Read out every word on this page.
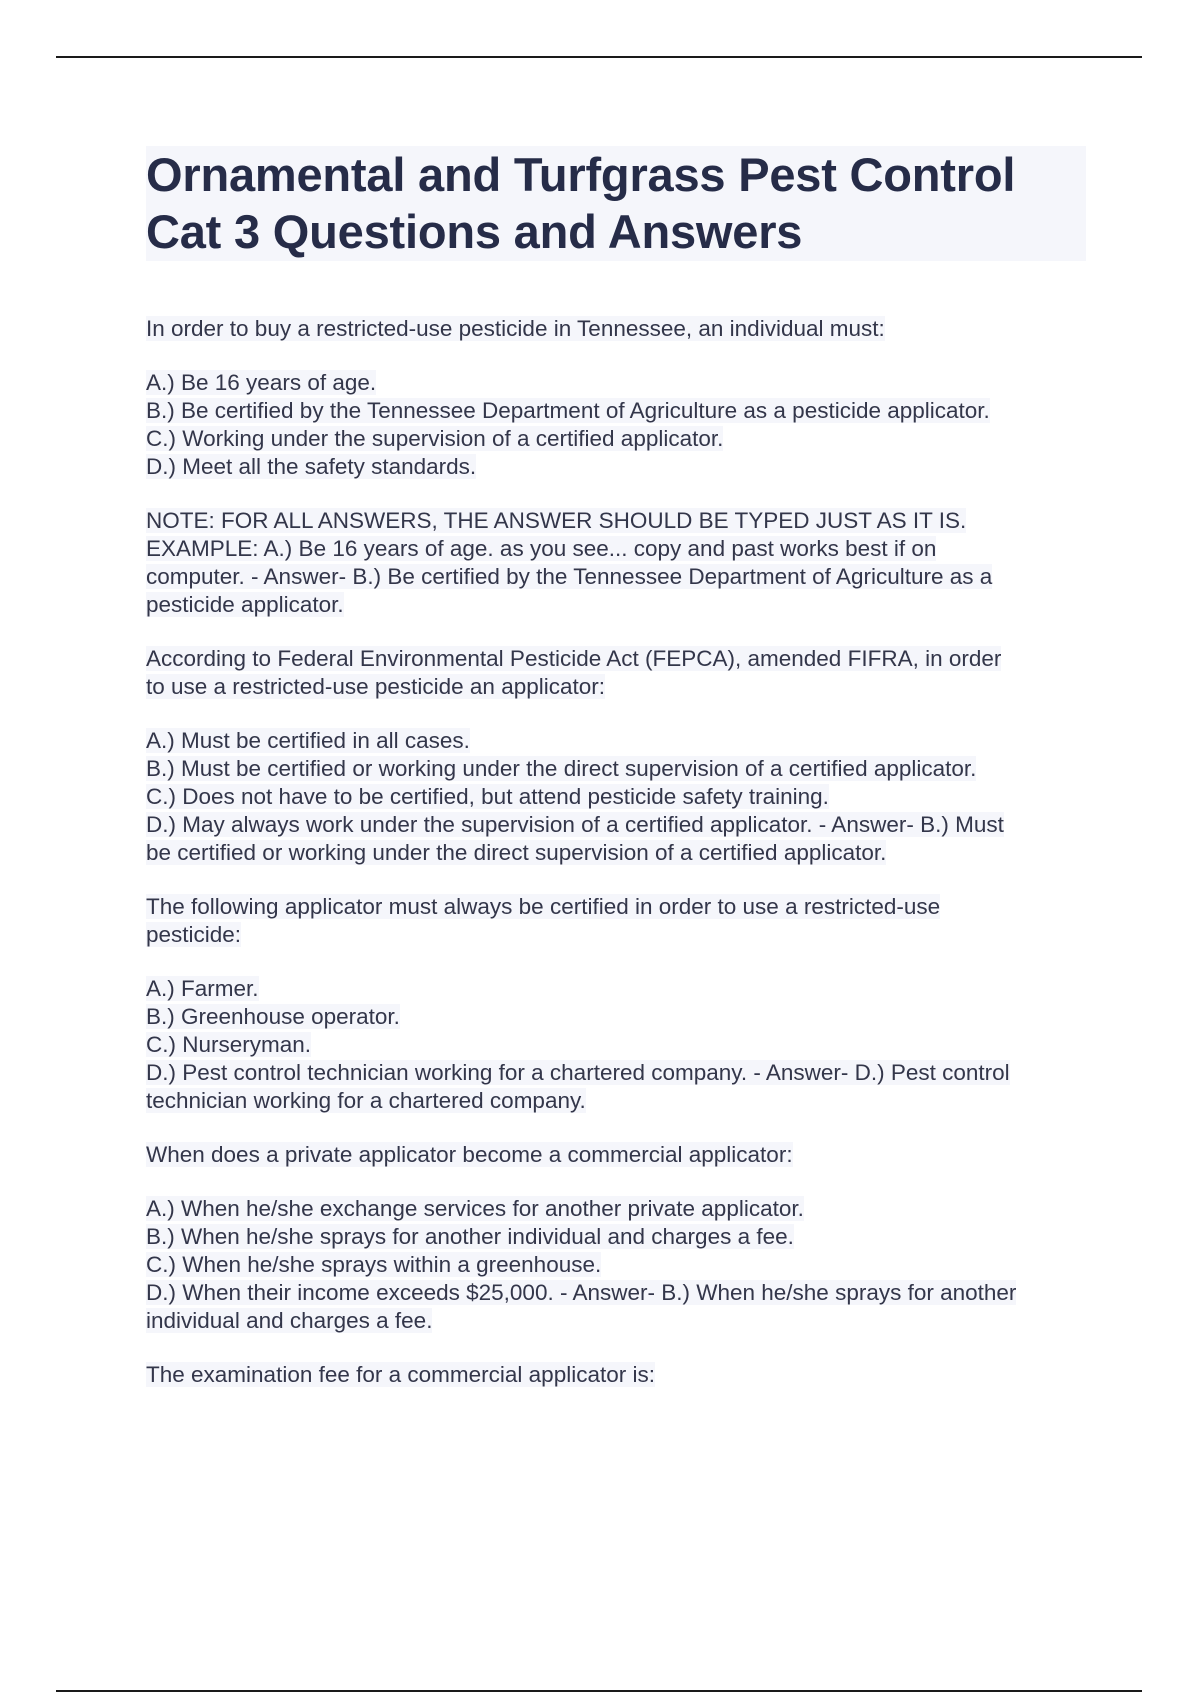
Ornamental and Turfgrass Pest Control
Cat 3 Questions and Answers
In order to buy a restricted-use pesticide in Tennessee, an individual must:
A.) Be 16 years of age.
B.) Be certified by the Tennessee Department of Agriculture as a pesticide applicator.
C.) Working under the supervision of a certified applicator.
D.) Meet all the safety standards.
NOTE: FOR ALL ANSWERS, THE ANSWER SHOULD BE TYPED JUST AS IT IS.
EXAMPLE: A.) Be 16 years of age. as you see... copy and past works best if on
computer. - Answer- B.) Be certified by the Tennessee Department of Agriculture as a
pesticide applicator.
According to Federal Environmental Pesticide Act (FEPCA), amended FIFRA, in order
to use a restricted-use pesticide an applicator:
A.) Must be certified in all cases.
B.) Must be certified or working under the direct supervision of a certified applicator.
C.) Does not have to be certified, but attend pesticide safety training.
D.) May always work under the supervision of a certified applicator. - Answer- B.) Must
be certified or working under the direct supervision of a certified applicator.
The following applicator must always be certified in order to use a restricted-use
pesticide:
A.) Farmer.
B.) Greenhouse operator.
C.) Nurseryman.
D.) Pest control technician working for a chartered company. - Answer- D.) Pest control
technician working for a chartered company.
When does a private applicator become a commercial applicator:
A.) When he/she exchange services for another private applicator.
B.) When he/she sprays for another individual and charges a fee.
C.) When he/she sprays within a greenhouse.
D.) When their income exceeds $25,000. - Answer- B.) When he/she sprays for another
individual and charges a fee.
The examination fee for a commercial applicator is:
